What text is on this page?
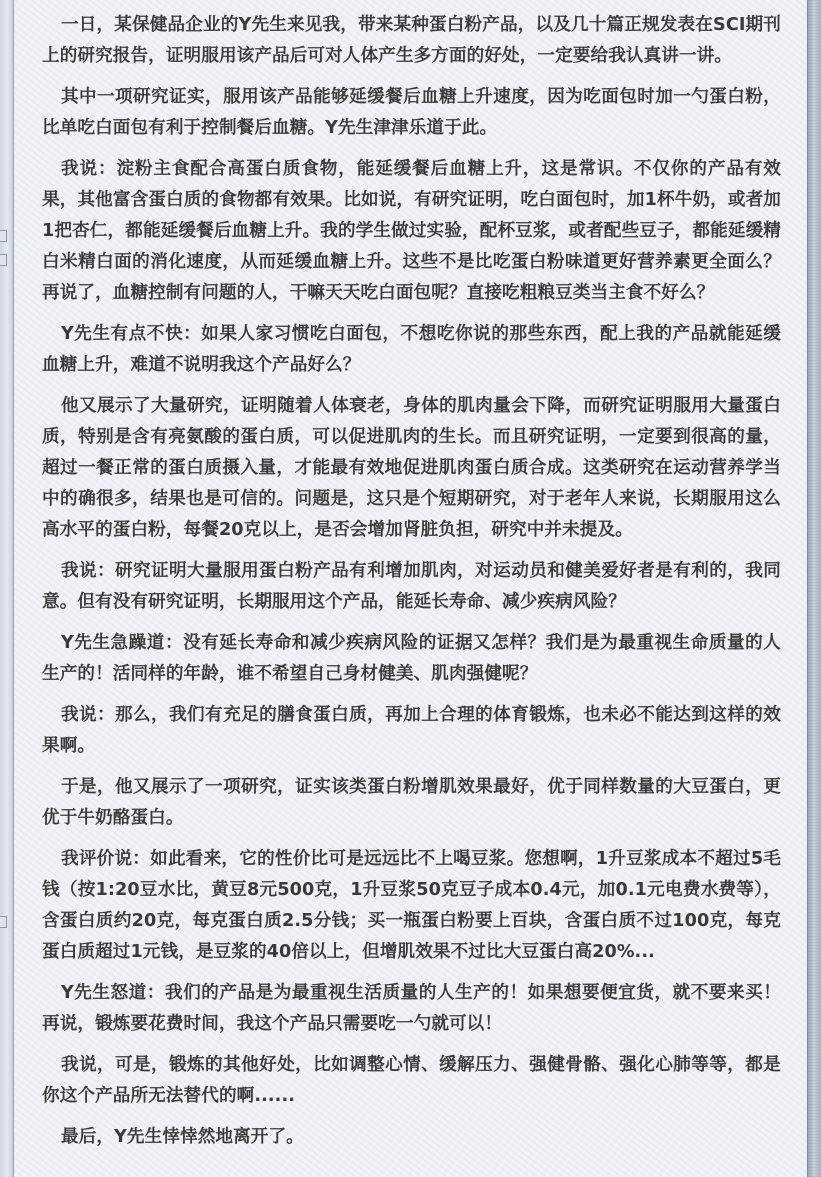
一日，某保健品企业的Y先生来见我，带来某种蛋白粉产品，以及几十篇正规发表在SCI期刊上的研究报告，证明服用该产品后可对人体产生多方面的好处，一定要给我认真讲一讲。

其中一项研究证实，服用该产品能够延缓餐后血糖上升速度，因为吃面包时加一勺蛋白粉，比单吃白面包有利于控制餐后血糖。Y先生津津乐道于此。

我说：淀粉主食配合高蛋白质食物，能延缓餐后血糖上升，这是常识。不仅你的产品有效果，其他富含蛋白质的食物都有效果。比如说，有研究证明，吃白面包时，加1杯牛奶，或者加1把杏仁，都能延缓餐后血糖上升。我的学生做过实验，配杯豆浆，或者配些豆子，都能延缓精白米精白面的消化速度，从而延缓血糖上升。这些不是比吃蛋白粉味道更好营养素更全面么？再说了，血糖控制有问题的人，干嘛天天吃白面包呢？直接吃粗粮豆类当主食不好么？

Y先生有点不快：如果人家习惯吃白面包，不想吃你说的那些东西，配上我的产品就能延缓血糖上升，难道不说明我这个产品好么？

他又展示了大量研究，证明随着人体衰老，身体的肌肉量会下降，而研究证明服用大量蛋白质，特别是含有亮氨酸的蛋白质，可以促进肌肉的生长。而且研究证明，一定要到很高的量，超过一餐正常的蛋白质摄入量，才能最有效地促进肌肉蛋白质合成。这类研究在运动营养学当中的确很多，结果也是可信的。问题是，这只是个短期研究，对于老年人来说，长期服用这么高水平的蛋白粉，每餐20克以上，是否会增加肾脏负担，研究中并未提及。

我说：研究证明大量服用蛋白粉产品有利增加肌肉，对运动员和健美爱好者是有利的，我同意。但有没有研究证明，长期服用这个产品，能延长寿命、减少疾病风险？

Y先生急躁道：没有延长寿命和减少疾病风险的证据又怎样？我们是为最重视生命质量的人生产的！活同样的年龄，谁不希望自己身材健美、肌肉强健呢？

我说：那么，我们有充足的膳食蛋白质，再加上合理的体育锻炼，也未必不能达到这样的效果啊。

于是，他又展示了一项研究，证实该类蛋白粉增肌效果最好，优于同样数量的大豆蛋白，更优于牛奶酪蛋白。

我评价说：如此看来，它的性价比可是远远比不上喝豆浆。您想啊，1升豆浆成本不超过5毛钱（按1:20豆水比，黄豆8元500克，1升豆浆50克豆子成本0.4元，加0.1元电费水费等），含蛋白质约20克，每克蛋白质2.5分钱；买一瓶蛋白粉要上百块，含蛋白质不过100克，每克蛋白质超过1元钱，是豆浆的40倍以上，但增肌效果不过比大豆蛋白高20%...

Y先生怒道：我们的产品是为最重视生活质量的人生产的！如果想要便宜货，就不要来买！再说，锻炼要花费时间，我这个产品只需要吃一勺就可以！

我说，可是，锻炼的其他好处，比如调整心情、缓解压力、强健骨骼、强化心肺等等，都是你这个产品所无法替代的啊......

最后，Y先生悻悻然地离开了。
